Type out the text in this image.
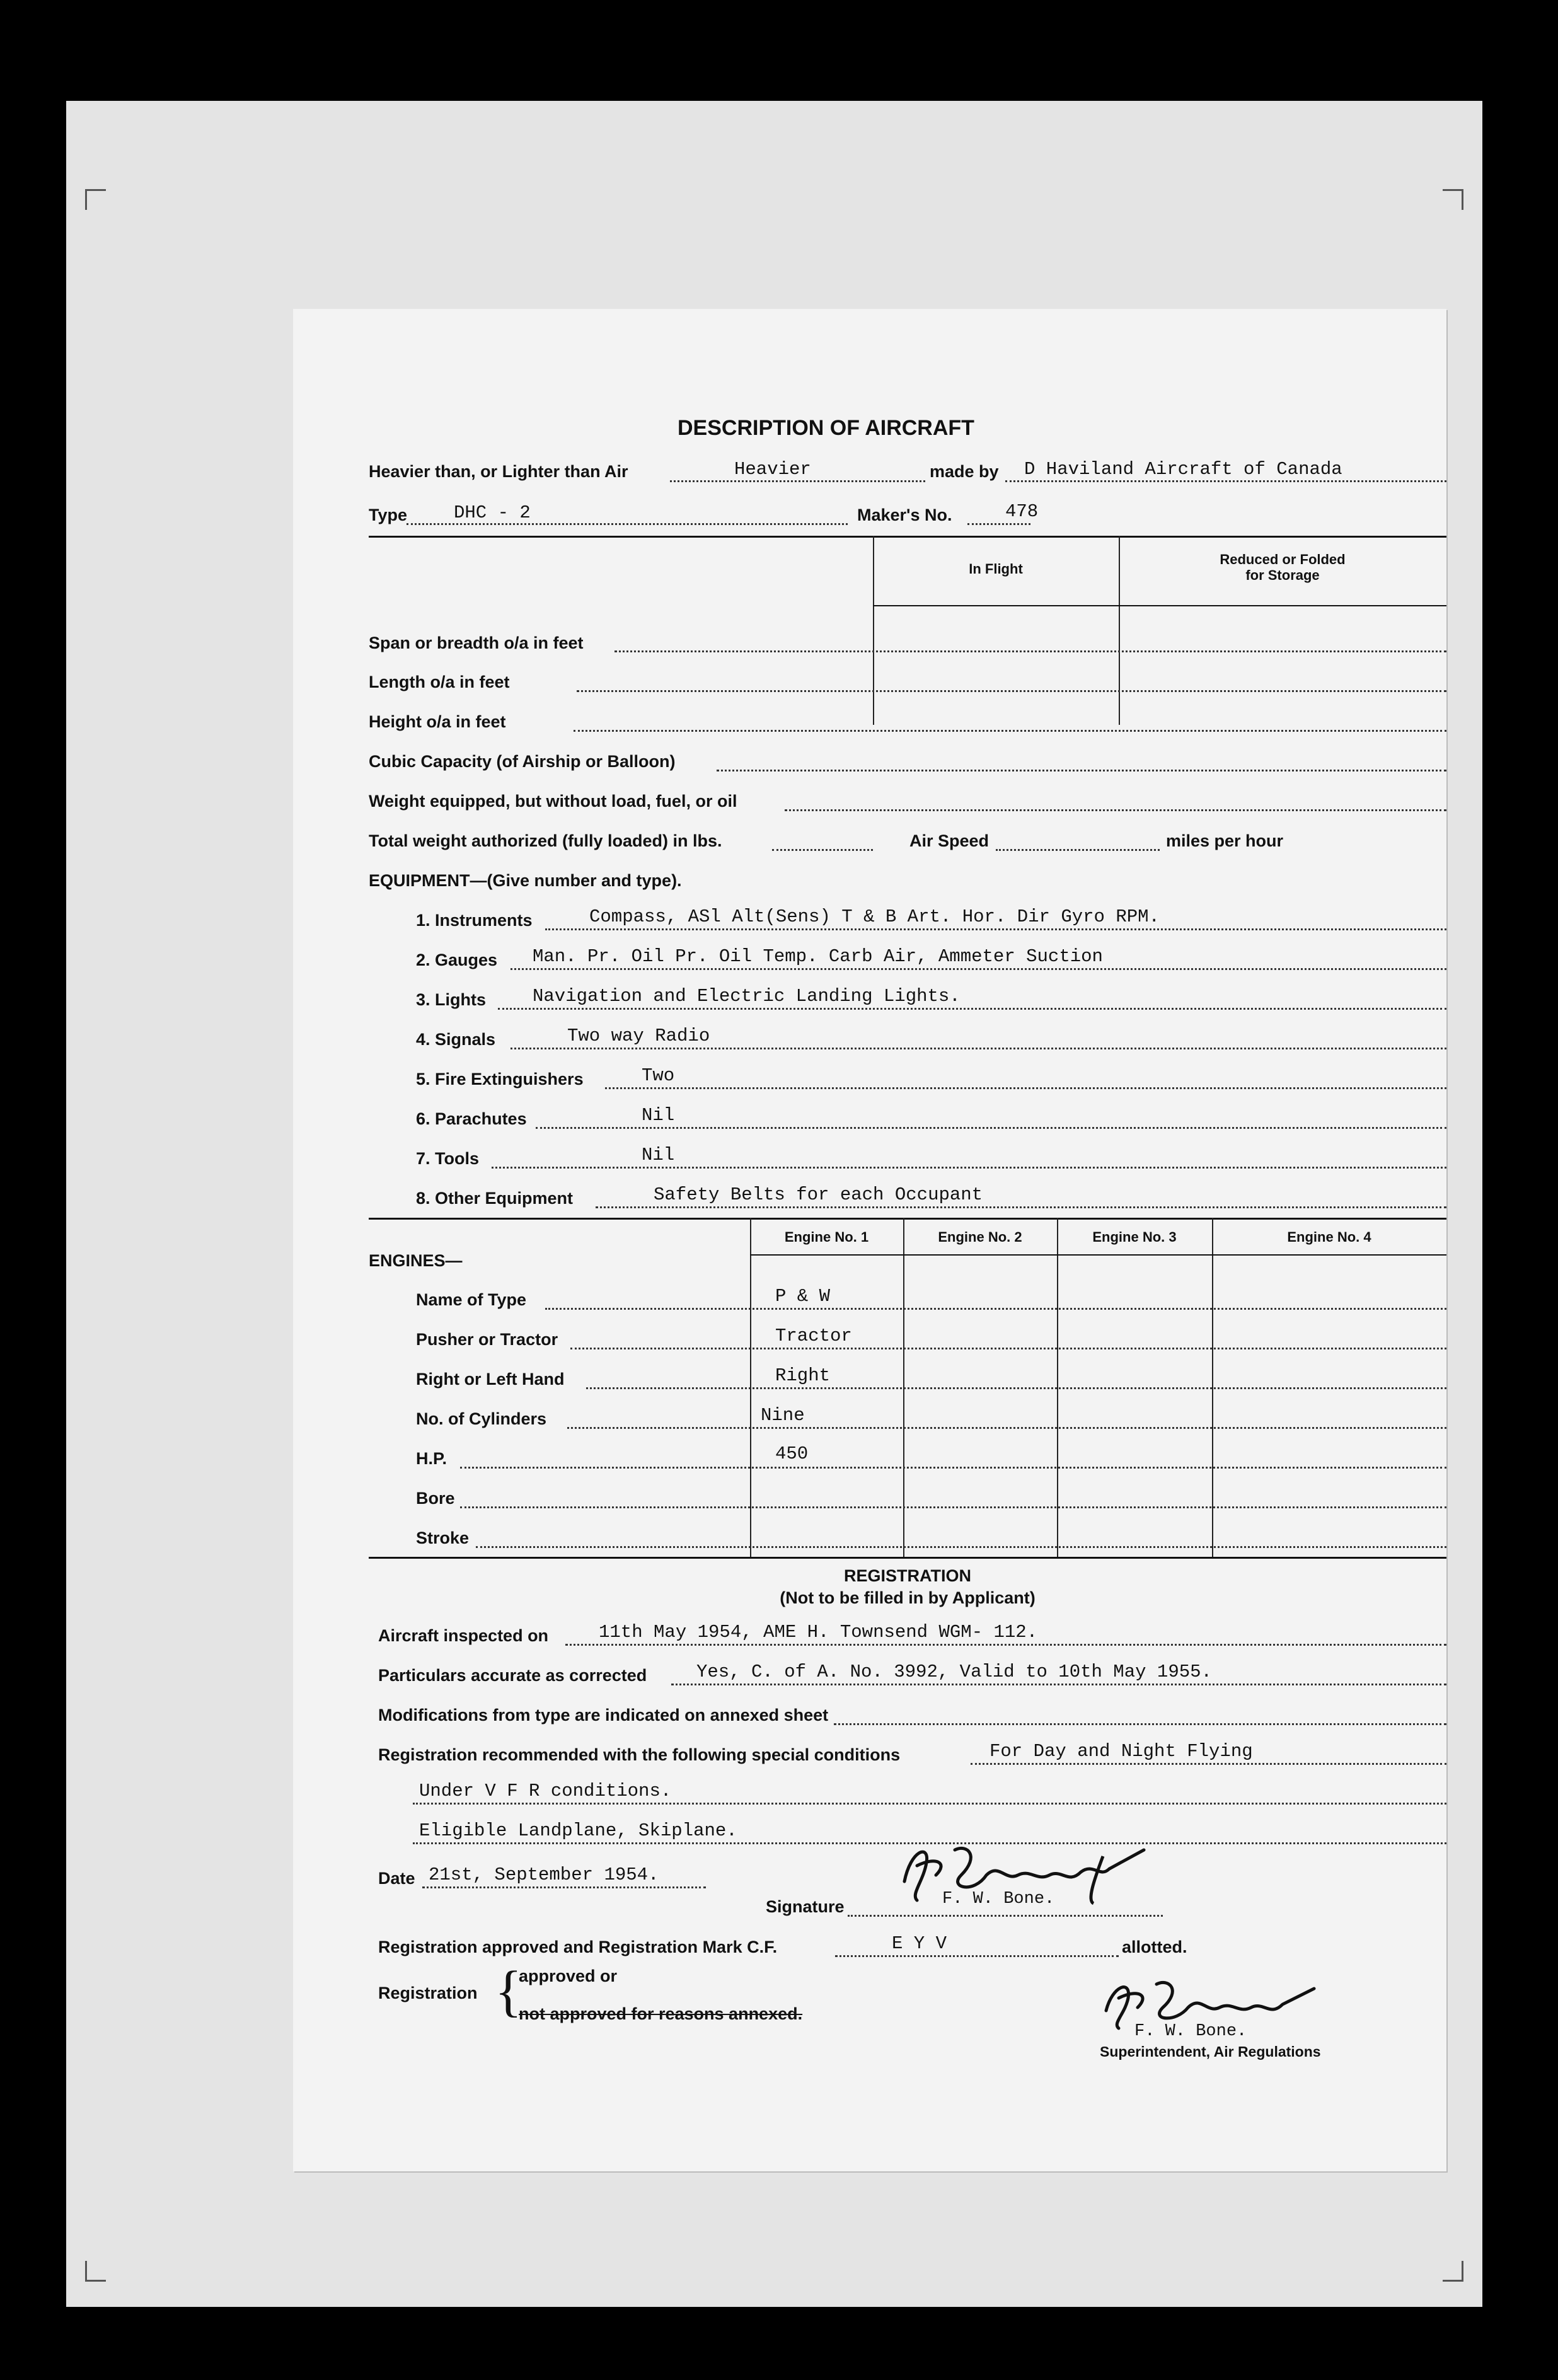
DESCRIPTION OF AIRCRAFT
Heavier than, or Lighter than Air	Heavier	made by D Haviland Aircraft of Canada
Type	DHC - 2	Maker's No.	478
In Flight
Reduced or Folded
for Storage
Span or breadth o/a in feet
Length o/a in feet
Height o/a in feet
Cubic Capacity (of Airship or Balloon)
Weight equipped, but without load, fuel, or oil
Total weight authorized (fully loaded) in lbs.	Air Speed	miles per hour
EQUIPMENT—(Give number and type).
1. Instruments	Compass, ASl Alt(Sens) T & B Art. Hor. Dir Gyro RPM.
2. Gauges Man. Pr. Oil Pr. Oil Temp. Carb Air, Ammeter Suction
3. Lights	Navigation and Electric Landing Lights.
4. Signals	Two way Radio
5. Fire Extinguishers	Two
6. Parachutes	Nil
7. Tools	Nil
8. Other Equipment	Safety Belts for each Occupant
Engine No. 1	Engine No. 2	Engine No. 3	Engine No. 4
ENGINES—
Name of Type	P & W
Pusher or Tractor	Tractor
Right or Left Hand	Right
No. of Cylinders	Nine
H.P.	450
Bore
Stroke
REGISTRATION
(Not to be filled in by Applicant)
Aircraft inspected on	11th May 1954, AME H. Townsend WGM- 112.
Particulars accurate as corrected	Yes, C. of A. No. 3992, Valid to 10th May 1955.
Modifications from type are indicated on annexed sheet
Registration recommended with the following special conditions	For Day and Night Flying
Under V F R conditions.
Eligible Landplane, Skiplane.
Date 21st, September 1954.
Signature	F. W. Bone.
Registration approved and Registration Mark C.F.	E Y V	allotted.
Registration {
approved or
not approved for reasons annexed.
F. W. Bone.
Superintendent, Air Regulations
